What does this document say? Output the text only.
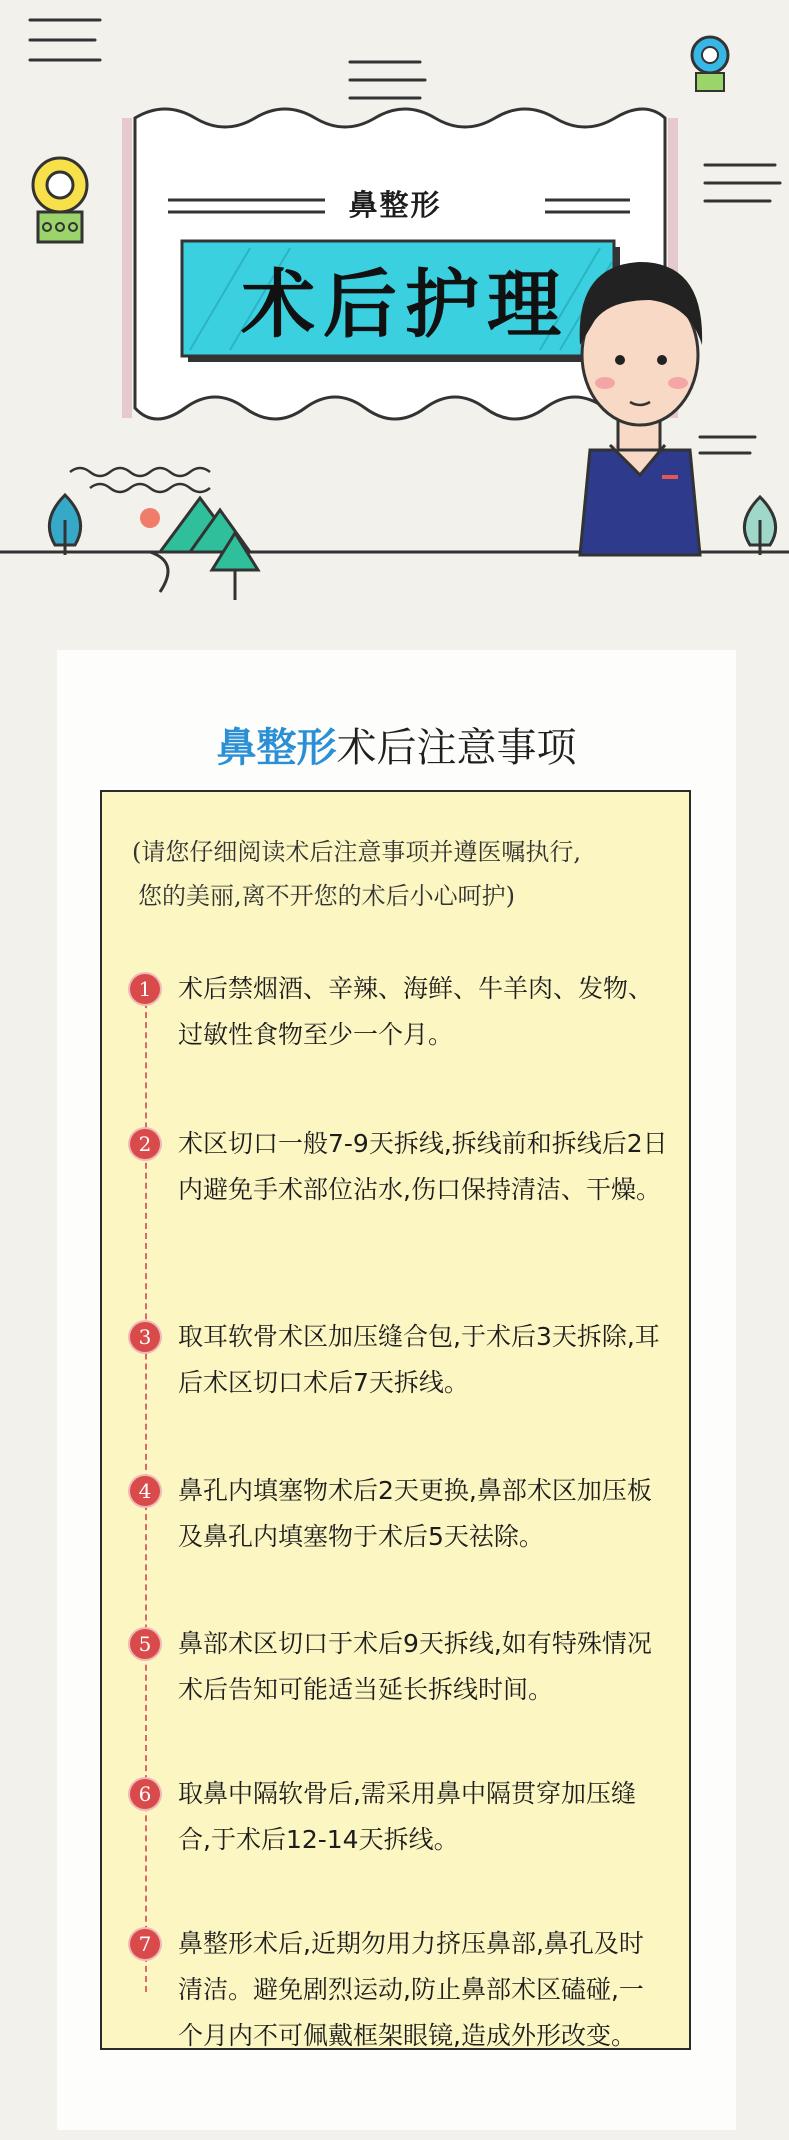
鼻整形
术后护理
鼻整形术后注意事项
(请您仔细阅读术后注意事项并遵医嘱执行,
您的美丽,离不开您的术后小心呵护)
1	术后禁烟酒、辛辣、海鲜、牛羊肉、发物、过敏性食物至少一个月。
2	术区切口一般7-9天拆线,拆线前和拆线后2日内避免手术部位沾水,伤口保持清洁、干燥。
3	取耳软骨术区加压缝合包,于术后3天拆除,耳后术区切口术后7天拆线。
4	鼻孔内填塞物术后2天更换,鼻部术区加压板及鼻孔内填塞物于术后5天祛除。
5	鼻部术区切口于术后9天拆线,如有特殊情况术后告知可能适当延长拆线时间。
6	取鼻中隔软骨后,需采用鼻中隔贯穿加压缝合,于术后12-14天拆线。
7	鼻整形术后,近期勿用力挤压鼻部,鼻孔及时清洁。避免剧烈运动,防止鼻部术区磕碰,一个月内不可佩戴框架眼镜,造成外形改变。
